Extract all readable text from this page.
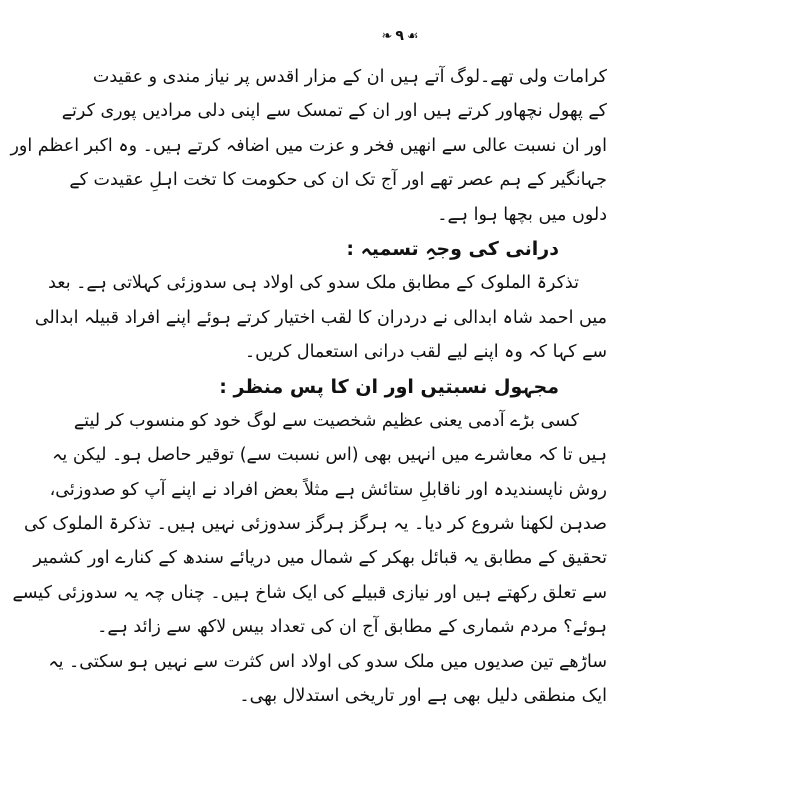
❧ ۹ ☙
کرامات ولی تھے۔لوگ آتے ہیں ان کے مزار اقدس پر نیاز مندی و عقیدت
کے پھول نچھاور کرتے ہیں اور ان کے تمسک سے اپنی دلی مرادیں پوری کرتے
اور ان نسبت عالی سے انھیں فخر و عزت میں اضافہ کرتے ہیں۔ وہ اکبر اعظم اور
جہانگیر کے ہم عصر تھے اور آج تک ان کی حکومت کا تخت اہلِ عقیدت کے
دلوں میں بچھا ہوا ہے۔
درانی کی وجہِ تسمیہ :
تذکرۃ الملوک کے مطابق ملک سدو کی اولاد ہی سدوزئی کہلاتی ہے۔ بعد
میں احمد شاہ ابدالی نے دردران کا لقب اختیار کرتے ہوئے اپنے افراد قبیلہ ابدالی
سے کہا کہ وہ اپنے لیے لقب درانی استعمال کریں۔
مجہول نسبتیں اور ان کا پس منظر :
کسی بڑے آدمی یعنی عظیم شخصیت سے لوگ خود کو منسوب کر لیتے
ہیں تا کہ معاشرے میں انہیں بھی (اس نسبت سے) توقیر حاصل ہو۔ لیکن یہ
روش ناپسندیدہ اور ناقابلِ ستائش ہے مثلاً بعض افراد نے اپنے آپ کو صدوزئی،
صدہن لکھنا شروع کر دیا۔ یہ ہرگز ہرگز سدوزئی نہیں ہیں۔ تذکرۃ الملوک کی
تحقیق کے مطابق یہ قبائل بھکر کے شمال میں دریائے سندھ کے کنارے اور کشمیر
سے تعلق رکھتے ہیں اور نیازی قبیلے کی ایک شاخ ہیں۔ چناں چہ یہ سدوزئی کیسے
ہوئے؟ مردم شماری کے مطابق آج ان کی تعداد بیس لاکھ سے زائد ہے۔
ساڑھے تین صدیوں میں ملک سدو کی اولاد اس کثرت سے نہیں ہو سکتی۔ یہ
ایک منطقی دلیل بھی ہے اور تاریخی استدلال بھی۔
